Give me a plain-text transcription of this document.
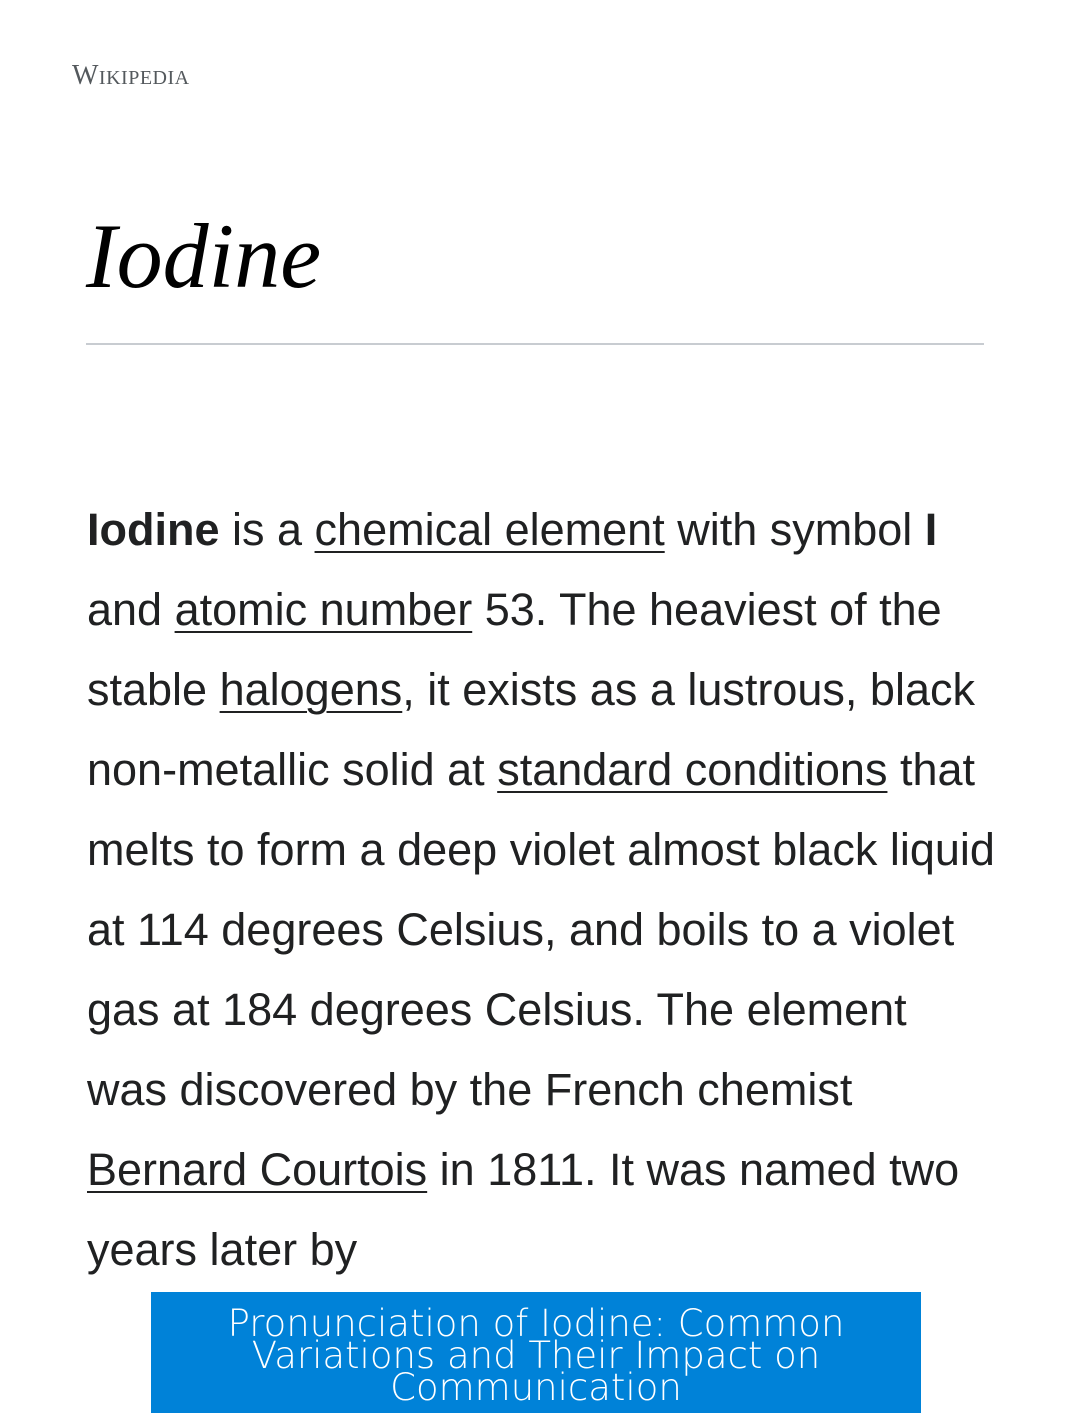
Wikipedia
Iodine

Iodine is a chemical element with symbol I and atomic number 53. The heaviest of the stable halogens, it exists as a lustrous, black non-metallic solid at standard conditions that melts to form a deep violet almost black liquid at 114 degrees Celsius, and boils to a violet gas at 184 degrees Celsius. The element was discovered by the French chemist Bernard Courtois in 1811. It was named two years later by

Pronunciation of Iodine: Common Variations and Their Impact on Communication
